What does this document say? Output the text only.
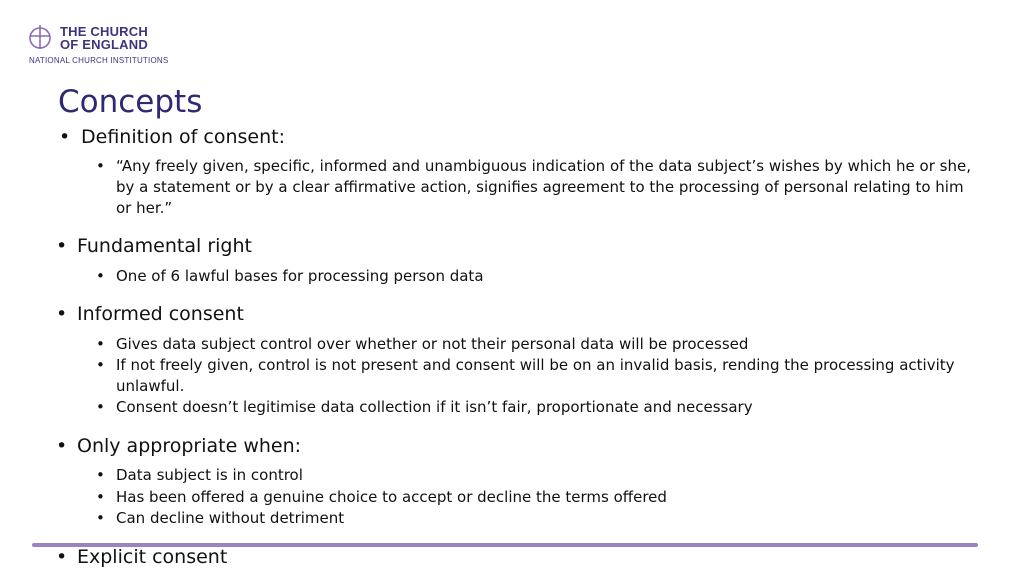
THE CHURCH
OF ENGLAND
NATIONAL CHURCH INSTITUTIONS
Concepts
• Definition of consent:
• “Any freely given, specific, informed and unambiguous indication of the data subject’s wishes by which he or she, by a statement or by a clear affirmative action, signifies agreement to the processing of personal relating to him or her.”
• Fundamental right
• One of 6 lawful bases for processing person data
• Informed consent
• Gives data subject control over whether or not their personal data will be processed
• If not freely given, control is not present and consent will be on an invalid basis, rending the processing activity unlawful.
• Consent doesn’t legitimise data collection if it isn’t fair, proportionate and necessary
• Only appropriate when:
• Data subject is in control
• Has been offered a genuine choice to accept or decline the terms offered
• Can decline without detriment
• Explicit consent
